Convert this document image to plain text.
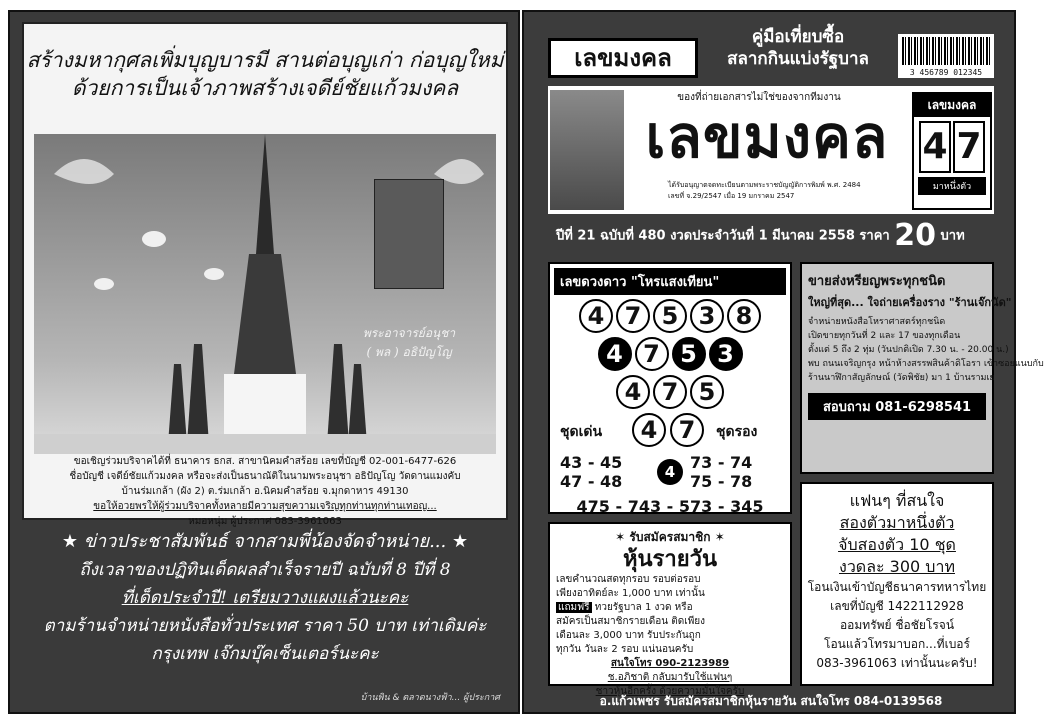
สร้างมหากุศลเพิ่มบุญบารมี สานต่อบุญเก่า ก่อบุญใหม่
ด้วยการเป็นเจ้าภาพสร้างเจดีย์ชัยแก้วมงคล
พระอาจารย์อนุชา
( พล ) อธิปัญโญ
ขอเชิญร่วมบริจาคได้ที่ ธนาคาร ธกส. สาขานิคมคำสร้อย เลขที่บัญชี 02-001-6477-626
ชื่อบัญชี เจดีย์ชัยแก้วมงคล หรือจะส่งเป็นธนาณัติในนามพระอนุชา อธิปัญโญ วัดดานแมงคับ
บ้านร่มเกล้า (ผัง 2) ต.ร่มเกล้า อ.นิคมคำสร้อย จ.มุกดาหาร 49130
ขอให้อวยพรให้ผู้ร่วมบริจาคทั้งหลายมีความสุขความเจริญทุกท่านทุกท่านเทอญ...
หมอหนุ่ม ผู้ประกาศ 083-3961063
★ ข่าวประชาสัมพันธ์ จากสามพี่น้องจัดจำหน่าย... ★
ถึงเวลาของปฏิทินเด็ดผลสำเร็จรายปี ฉบับที่ 8 ปีที่ 8
ที่เด็ดประจำปี! เตรียมวางแผงแล้วนะคะ
ตามร้านจำหน่ายหนังสือทั่วประเทศ ราคา 50 บาท เท่าเดิมค่ะ
กรุงเทพ เจ๊กมบุ๊คเซ็นเตอร์นะคะ
บ้านพิน & ตลาดนางฟ้า... ผู้ประกาศ
เลขมงคล
คู่มือเที่ยบซื้อ
สลากกินแบ่งรัฐบาล
3 456789 012345
ของที่ถ่ายเอกสารไม่ใช่ของจากทีมงาน
เลขมงคล
ได้รับอนุญาตจดทะเบียนตามพระราชบัญญัติการพิมพ์ พ.ศ. 2484
เลขที่ จ.29/2547 เมื่อ 19 มกราคม 2547
เลขมงคล
4 7
มาหนึ่งตัว
ปีที่ 21 ฉบับที่ 480 งวดประจำวันที่ 1 มีนาคม 2558 ราคา 20 บาท
เลขดวงดาว "โหรแสงเทียน"
4 7 5 3 8
4 7 5 3
4 7 5
ชุดเด่น	4 7	ชุดรอง
43 - 45	4 73 - 74
47 - 48	75 - 78
475 - 743 - 573 - 345
ขายส่งหรียญพระทุกชนิด
ใหญ่ที่สุด... ใจถ่ายเครื่องราง "ร้านเจ๊กนัด"
จำหน่ายหนังสือโหราศาสตร์ทุกชนิด
เปิดขายทุกวันที่ 2 และ 17 ของทุกเดือน
ตั้งแต่ 5 ถึง 2 ทุ่ม (วันปกติเปิด 7.30 น. - 20.00 น.)
พบ ถนนเจริญกรุง หน้าห้างสรรพสินค้าดิโอรา เข้าซอยแนบกับ
ร้านนาฬิกาสัญลักษณ์ (วัดพิชัย) มา 1 บ้านรามเย
สอบถาม 081-6298541
แฟนๆ ที่สนใจ
สองตัวมาหนึ่งตัว
จับสองตัว 10 ชุด
งวดละ 300 บาท
โอนเงินเข้าบัญชีธนาคารทหารไทย
เลขที่บัญชี 1422112928
ออมทรัพย์ ชื่อชัยโรจน์
โอนแล้วโทรมาบอก...ที่เบอร์
083-3961063 เท่านั้นนะครับ!
✶ รับสมัครสมาชิก ✶
หุ้นรายวัน
เลขคำนวณสดทุกรอบ รอบต่อรอบ
เพียงอาทิตย์ละ 1,000 บาท เท่านั้น
แถมฟรี ทวยรัฐบาล 1 งวด หรือ
สมัครเป็นสมาชิกรายเดือน ติดเพียง
เดือนละ 3,000 บาท รับประกันถูก
ทุกวัน วันละ 2 รอบ แน่นอนครับ
สนใจโทร 090-2123989
ช.อภิชาติ กลับมารับใช้แฟนๆ
ชาวหุ้นอีกครั้ง ด้วยความมั่นใจครับ
อ.แก้วเพชร รับสมัครสมาชิกหุ้นรายวัน สนใจโทร 084-0139568
